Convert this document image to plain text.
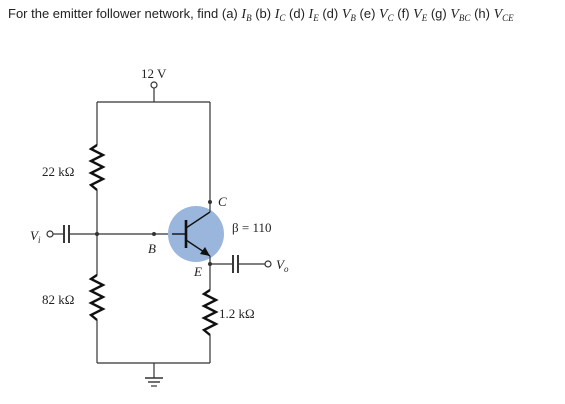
For the emitter follower network, find (a) $I_B$ (b) $I_C$ (d) $I_E$ (d) $V_B$ (e) $V_C$ (f) $V_E$ (g) $V_{BC}$ (h) $V_{CE}$
12 V
22 kΩ
82 kΩ
$V_i$
B
C
β = 110
E	$V_o$
1.2 kΩ
